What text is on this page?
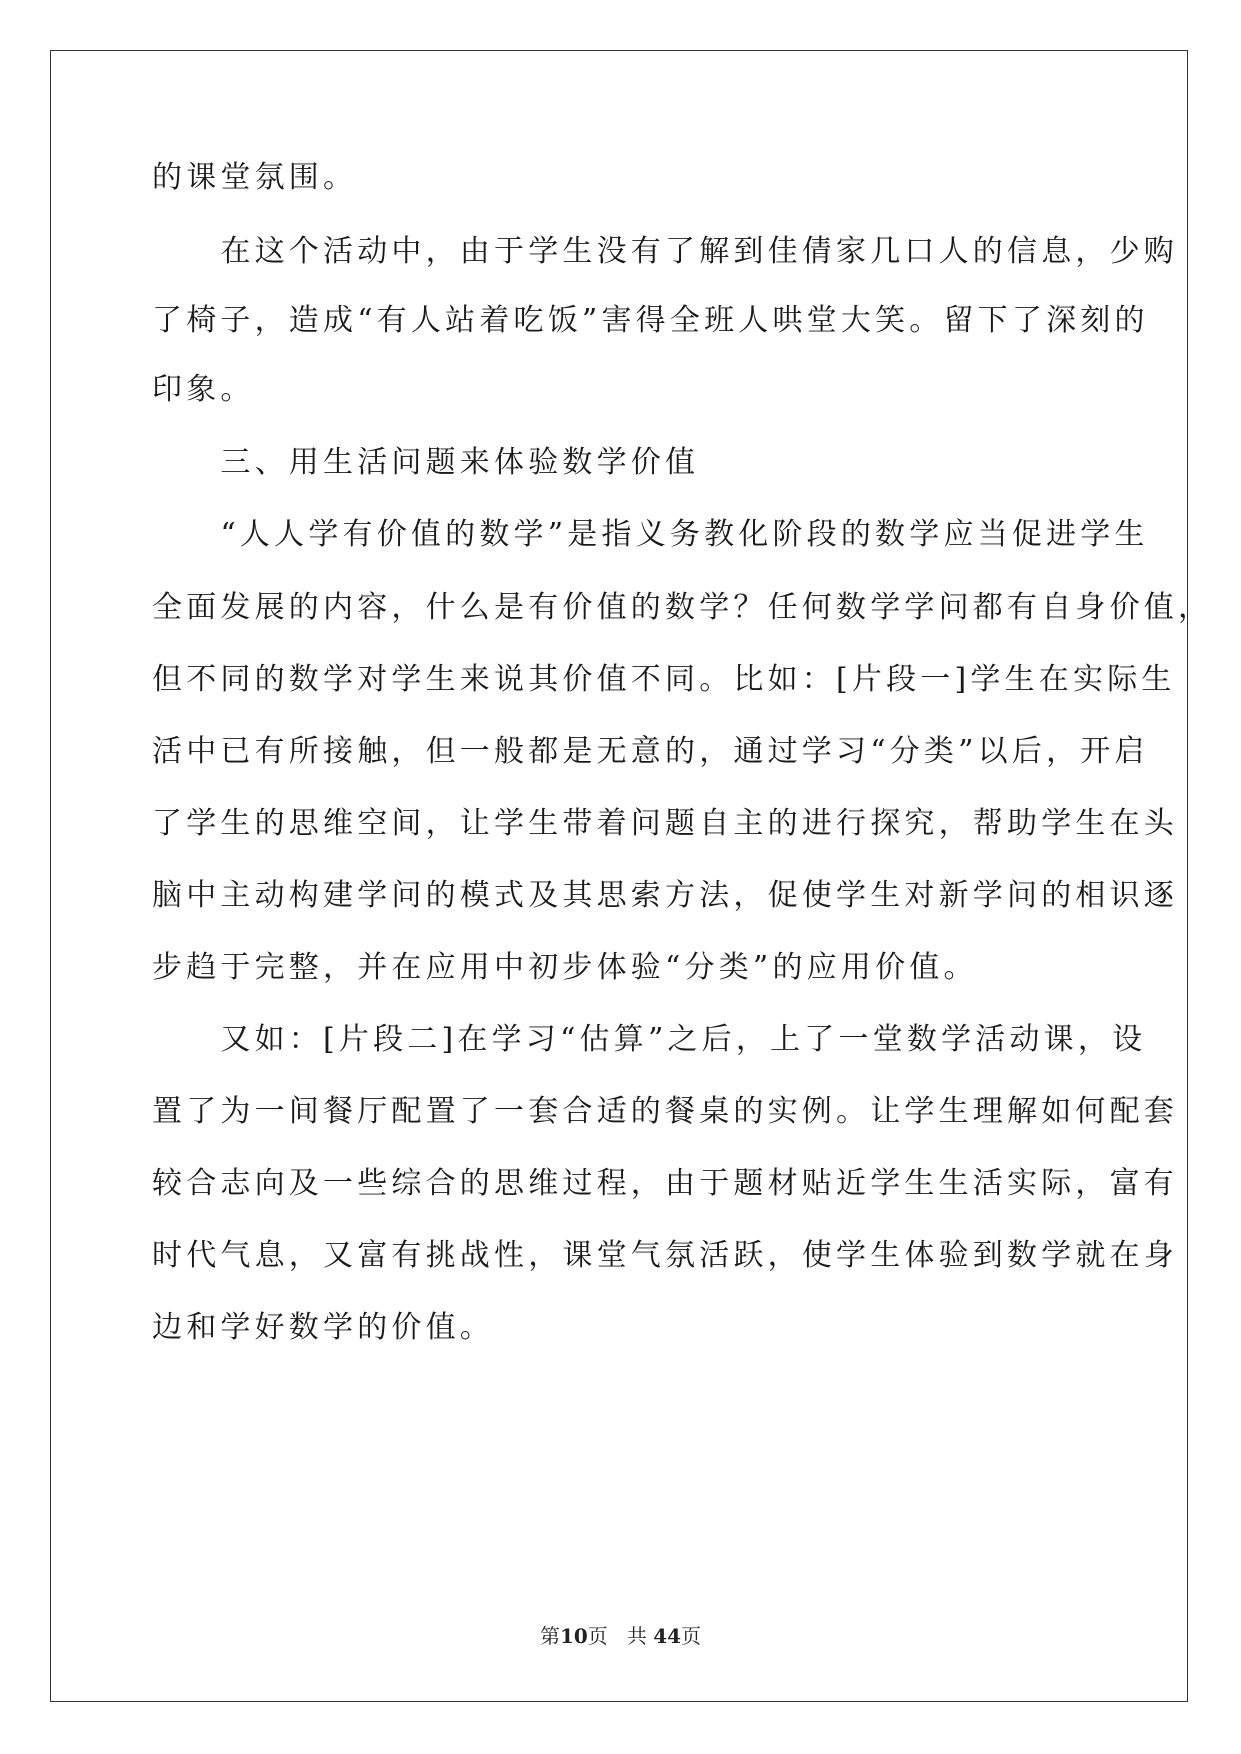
的课堂氛围。
　　在这个活动中，由于学生没有了解到佳倩家几口人的信息，少购
了椅子，造成“有人站着吃饭”害得全班人哄堂大笑。留下了深刻的
印象。
　　三、用生活问题来体验数学价值
　　“人人学有价值的数学”是指义务教化阶段的数学应当促进学生
全面发展的内容，什么是有价值的数学？任何数学学问都有自身价值，
但不同的数学对学生来说其价值不同。比如：[片段一]学生在实际生
活中已有所接触，但一般都是无意的，通过学习“分类”以后，开启
了学生的思维空间，让学生带着问题自主的进行探究，帮助学生在头
脑中主动构建学问的模式及其思索方法，促使学生对新学问的相识逐
步趋于完整，并在应用中初步体验“分类”的应用价值。
　　又如：[片段二]在学习“估算”之后，上了一堂数学活动课，设
置了为一间餐厅配置了一套合适的餐桌的实例。让学生理解如何配套
较合志向及一些综合的思维过程，由于题材贴近学生生活实际，富有
时代气息，又富有挑战性，课堂气氛活跃，使学生体验到数学就在身
边和学好数学的价值。
第10页 共 44页
